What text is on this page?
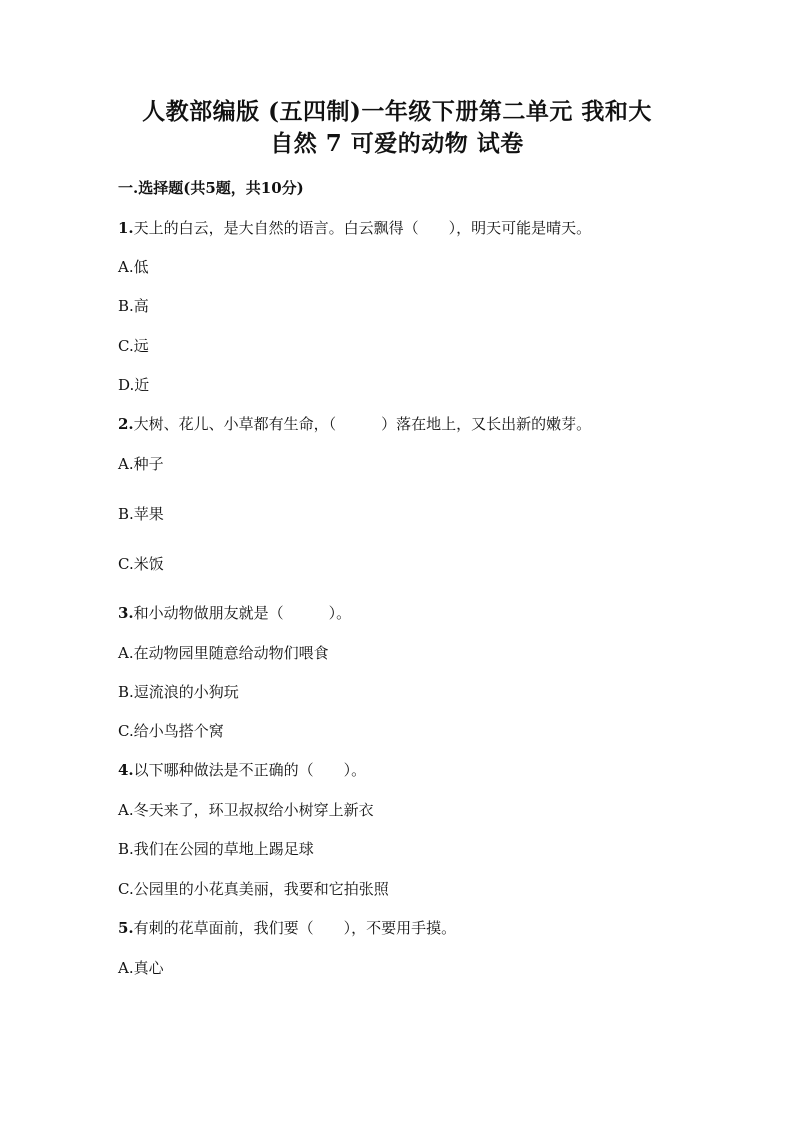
人教部编版 (五四制)一年级下册第二单元 我和大
自然 7 可爱的动物 试卷
一.选择题(共5题，共10分)
1.天上的白云，是大自然的语言。白云飘得（　　），明天可能是晴天。
A.低
B.高
C.远
D.近
2.大树、花儿、小草都有生命，（　　　）落在地上，又长出新的嫩芽。
A.种子
B.苹果
C.米饭
3.和小动物做朋友就是（　　　）。
A.在动物园里随意给动物们喂食
B.逗流浪的小狗玩
C.给小鸟搭个窝
4.以下哪种做法是不正确的（　　）。
A.冬天来了，环卫叔叔给小树穿上新衣
B.我们在公园的草地上踢足球
C.公园里的小花真美丽，我要和它拍张照
5.有刺的花草面前，我们要（　　），不要用手摸。
A.真心
